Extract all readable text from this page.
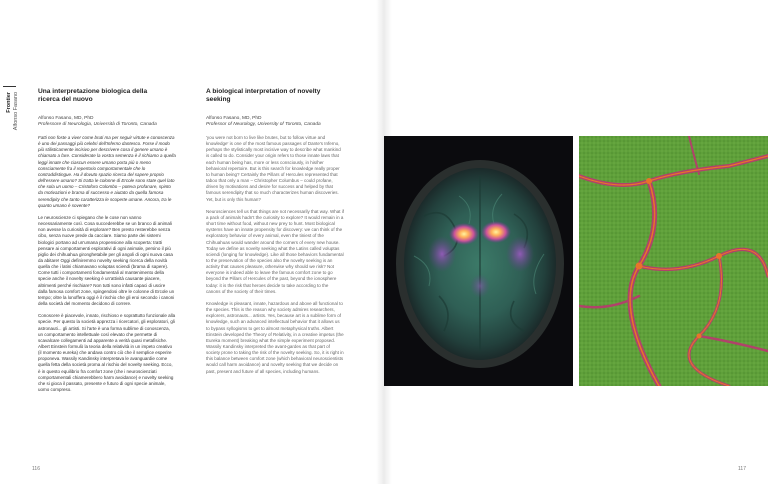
Frontier Alfonso Fasano
Una interpretazione biologica della ricerca del nuovo
A biological interpretation of novelty seeking
Alfonso Fasano, MD, PhD
Professore di Neurologia, Università di Toronto, Canada
Alfonso Fasano, MD, PhD
Professor of Neurology, University of Toronto, Canada

Fatti non foste a viver come bruti ma per seguir virtute e conoscenza è uno dei passaggi più celebri dell'Inferno dantesco. Forse il modo più stilisticamente incisivo per descrivere cosa il genere umano è chiamato a fare. Considerate la vostra semenza è il richiamo a quella leggi innate che ciascun essere umano porta più o meno consciamente fra il repertorio comportamentale che lo contraddistingue. Ha il dovuto spazio ricerca del sapere proprio dell'essere umano? Si tratta le colonne di Ercole sono state quel lato che sola un uomo – Cristoforo Colombo – poteva profanare, spinto da motivazioni e brama di successo e aiutato da quella famosa serendipity che tanto caratterizza le scoperte umane. Ancora, tra le quanto umano è sovente?

Le neuroscienze ci spiegano che le cose non vanno necessariamente così. Cosa succederebbe se un branco di animali non avesse la curiosità di esplorare? Ben presto resterebbe senza cibo, senza nuove prede da cacciare. Siamo parte dei sistemi biologici portano ad un'umana propensione alla scoperta: tratti pensare ai comportamenti esplorativi di ogni animale, persino il più piglio dei chihuahua gironghetabile per gli angoli di ogni nuova casa da abitare! Oggi definiremmo novelty seeking ricerca della novità quella che i latini chiamavano voluptas sciendi (brama di sapere). Come tutti i comportamenti fondamentali al mantenimento della specie anche il novelty seeking è un'attività causante piacere, altrimenti perché rischiare? Non tutti sono infatti capaci di uscire dalla famosa comfort zone, spingendosi oltre le colonne di Ercole un tempo; oltre la lonoffera oggi è il rischio che gli eroi secondo i canoni della società del momento decidono di correre.

Conoscere è piacevole, innato, rischioso e soprattutto funzionale alla specie. Per questo la società apprezza i ricercatori, gli esploratori, gli astronauti... gli artisti. Si l'arte è una forma sublime di conoscenza, un comportamento intellettuale così elevato che permette di scavalcare collegamenti ad apparente a verità quasi metafisiche. Albert Einstein formulò la teoria della relatività in un impeto creativo (il momento eureka) che andava contro ciò che il semplice esperire proponeva. Wassily Kandinsky interpretava le avanguardie come quella fetta della società proma al rischio del novelty seeking. Ecco, è in questo equilibrio fra comfort zone (che i neuroscienziati comportamentali chiamerebbero harm avoidance) e novelty seeking che si gioca il passato, presente e futuro di ogni specie animale, uomo compreso.

'you were not born to live like brutes, but to follow virtue and knowledge' is one of the most famous passages of Dante's Inferno, perhaps the stylistically most incisive way to describe what mankind is called to do. Consider your origin refers to those innate laws that each human being has, more or less consciously, in his/her behavioral repertoire. But is this search for knowledge really proper to human being? Certainly the Pillars of Hercules represented that taboo that only a man – Christopher Columbus – could profane, driven by motivations and desire for success and helped by that famous serendipity that so much characterizes human discoveries. Yet, but is only this human?

Neurosciences tell us that things are not necessarily that way. What if a pack of animals hadn't the curiosity to explore? It would remain in a short time without food, without new prey to hunt. Most biological systems have an innate propensity for discovery: we can think of the exploratory behavior of every animal, even the tiniest of the Chihuahuas would wander around the corners of every new house. Today we define as novelty seeking what the Latins called voluptas sciendi (longing for knowledge). Like all those behaviors fundamental to the preservation of the species also the novelty seeking is an activity that causes pleasure, otherwise why should we risk? Not everyone is indeed able to leave the famous comfort zone to go beyond the Pillars of Hercules of the past, beyond the ionosphere today: it is the risk that heroes decide to take according to the canons of the society of their times.

Knowledge is pleasant, innate, hazardous and above all functional to the species. This is the reason why society admires researchers, explorers, astronauts... artists. Yes, because art is a sublime form of knowledge, such an advanced intellectual behavior that it allows us to bypass syllogisms to get to almost metaphysical truths. Albert Einstein developed the Theory of Relativity, in a creative impetus (the Eureka moment) breaking what the simple experiment proposed. Wassily Kandinsky interpreted the avant-gardes as that part of society prone to taking the risk of the novelty seeking. So, it is right in this balance between comfort zone (which behavioral neuroscientists would call harm avoidance) and novelty seeking that we decide on past, present and future of all species, including humans.

116	117
